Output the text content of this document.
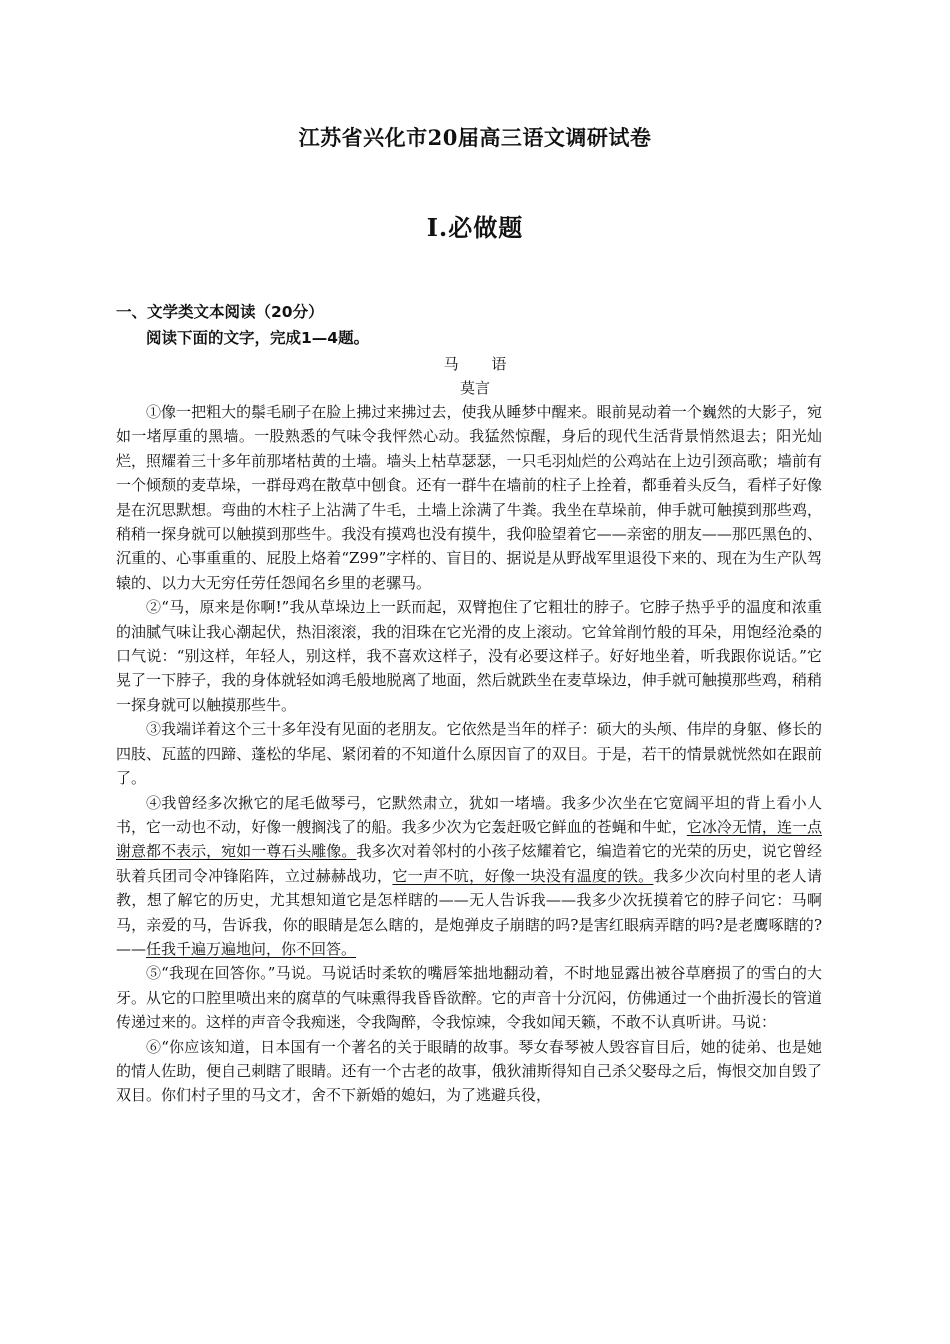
江苏省兴化市20届高三语文调研试卷
Ⅰ.必做题
一、文学类文本阅读（20分）
阅读下面的文字，完成1—4题。
马 语
莫言

①像一把粗大的鬃毛刷子在脸上拂过来拂过去，使我从睡梦中醒来。眼前晃动着一个巍然的大影子，宛如一堵厚重的黑墙。一股熟悉的气味令我怦然心动。我猛然惊醒，身后的现代生活背景悄然退去；阳光灿烂，照耀着三十多年前那堵枯黄的土墙。墙头上枯草瑟瑟，一只毛羽灿烂的公鸡站在上边引颈高歌；墙前有一个倾颓的麦草垛，一群母鸡在散草中刨食。还有一群牛在墙前的柱子上拴着，都垂着头反刍，看样子好像是在沉思默想。弯曲的木柱子上沾满了牛毛，土墙上涂满了牛粪。我坐在草垛前，伸手就可触摸到那些鸡，稍稍一探身就可以触摸到那些牛。我没有摸鸡也没有摸牛，我仰脸望着它——亲密的朋友——那匹黑色的、沉重的、心事重重的、屁股上烙着“Z99”字样的、盲目的、据说是从野战军里退役下来的、现在为生产队驾辕的、以力大无穷任劳任怨闻名乡里的老骡马。

②“马，原来是你啊!”我从草垛边上一跃而起，双臂抱住了它粗壮的脖子。它脖子热乎乎的温度和浓重的油腻气味让我心潮起伏，热泪滚滚，我的泪珠在它光滑的皮上滚动。它耸耸削竹般的耳朵，用饱经沧桑的口气说：“别这样，年轻人，别这样，我不喜欢这样子，没有必要这样子。好好地坐着，听我跟你说话。”它晃了一下脖子，我的身体就轻如鸿毛般地脱离了地面，然后就跌坐在麦草垛边，伸手就可触摸那些鸡，稍稍一探身就可以触摸那些牛。

③我端详着这个三十多年没有见面的老朋友。它依然是当年的样子：硕大的头颅、伟岸的身躯、修长的四肢、瓦蓝的四蹄、蓬松的华尾、紧闭着的不知道什么原因盲了的双目。于是，若干的情景就恍然如在跟前了。

④我曾经多次揪它的尾毛做琴弓，它默然肃立，犹如一堵墙。我多少次坐在它宽阔平坦的背上看小人书，它一动也不动，好像一艘搁浅了的船。我多少次为它轰赶吸它鲜血的苍蝇和牛虻，它冰冷无情，连一点谢意都不表示，宛如一尊石头雕像。我多次对着邻村的小孩子炫耀着它，编造着它的光荣的历史，说它曾经驮着兵团司令冲锋陷阵，立过赫赫战功，它一声不吭，好像一块没有温度的铁。我多少次向村里的老人请教，想了解它的历史，尤其想知道它是怎样瞎的——无人告诉我——我多少次抚摸着它的脖子问它：马啊马，亲爱的马，告诉我，你的眼睛是怎么瞎的，是炮弹皮子崩瞎的吗?是害红眼病弄瞎的吗?是老鹰啄瞎的?——任我千遍万遍地问，你不回答。

⑤“我现在回答你。”马说。马说话时柔软的嘴唇笨拙地翻动着，不时地显露出被谷草磨损了的雪白的大牙。从它的口腔里喷出来的腐草的气味熏得我昏昏欲醉。它的声音十分沉闷，仿佛通过一个曲折漫长的管道传递过来的。这样的声音令我痴迷，令我陶醉，令我惊竦，令我如闻天籁，不敢不认真听讲。马说：

⑥“你应该知道，日本国有一个著名的关于眼睛的故事。琴女春琴被人毁容盲目后，她的徒弟、也是她的情人佐助，便自己刺瞎了眼睛。还有一个古老的故事，俄狄浦斯得知自己杀父娶母之后，悔恨交加自毁了双目。你们村子里的马文才，舍不下新婚的媳妇，为了逃避兵役，
